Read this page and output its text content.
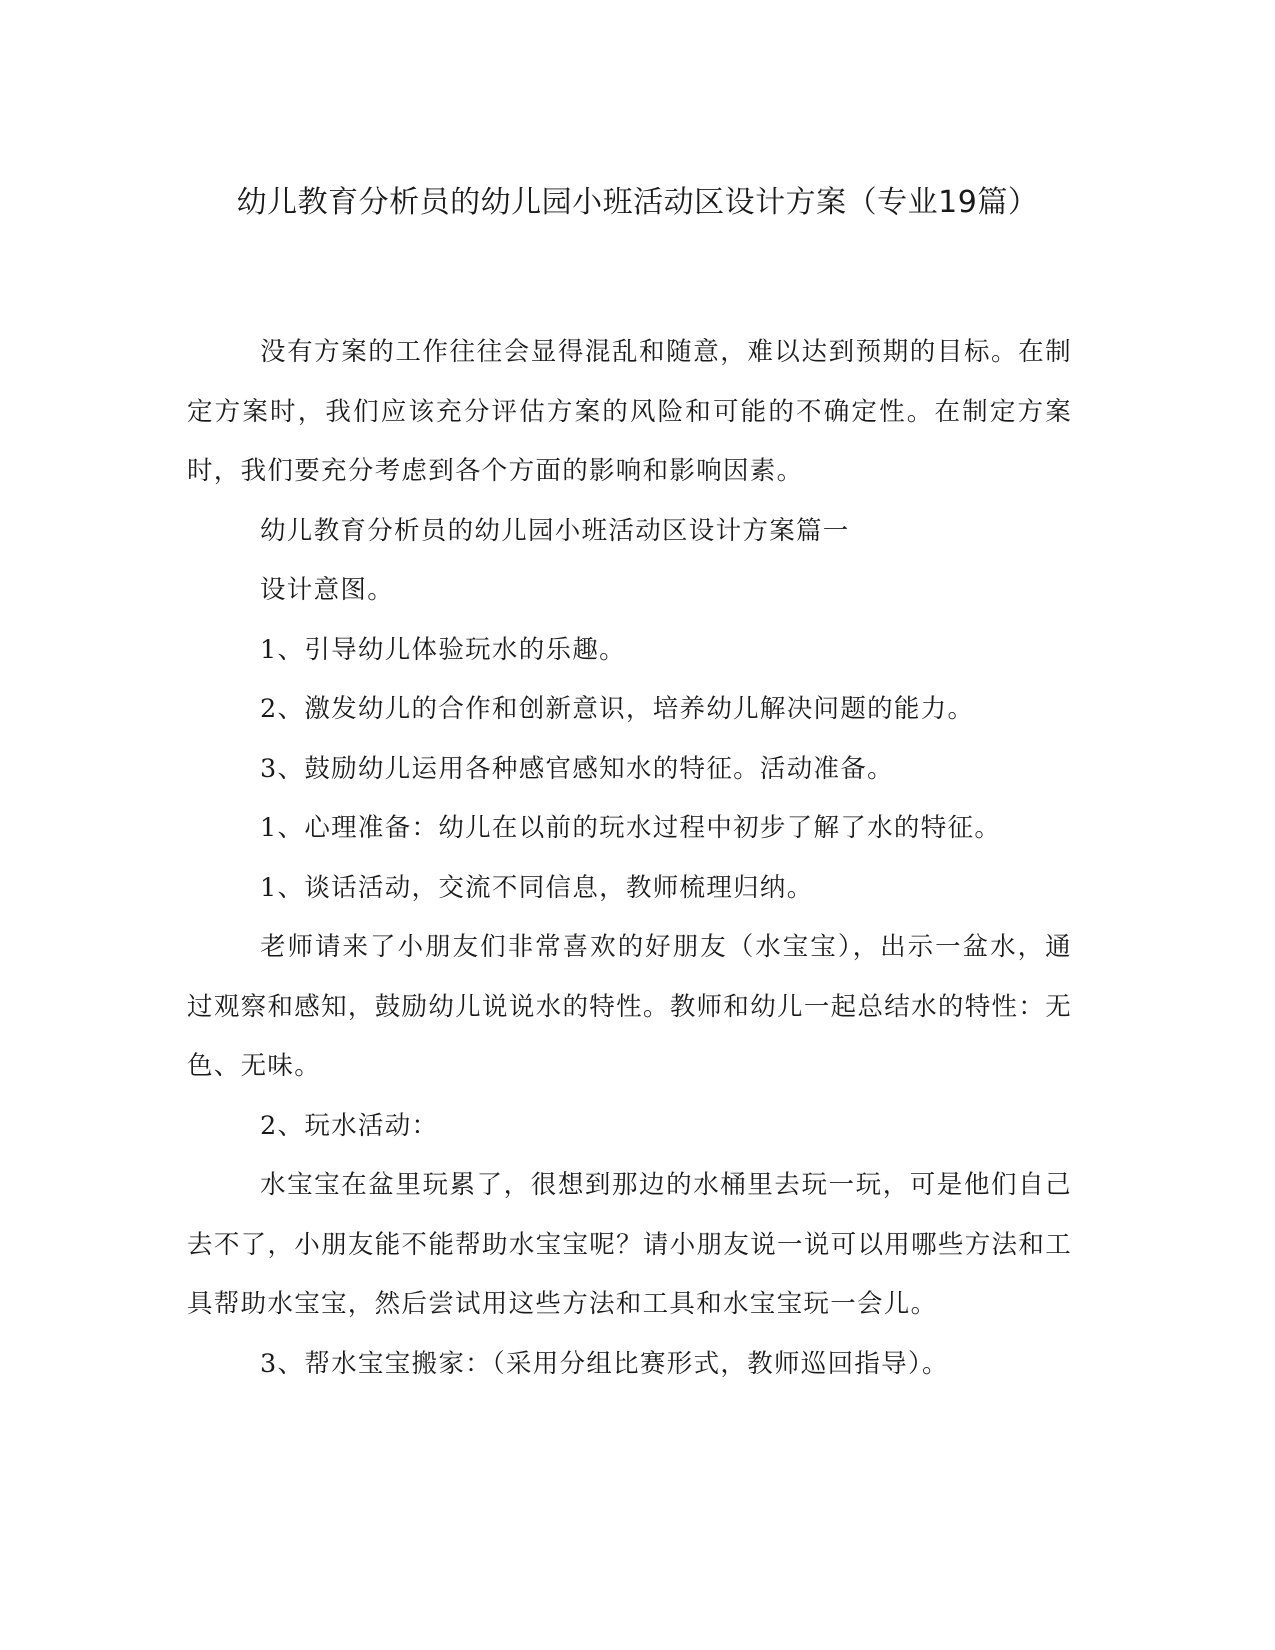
幼儿教育分析员的幼儿园小班活动区设计方案（专业19篇）

没有方案的工作往往会显得混乱和随意，难以达到预期的目标。在制定方案时，我们应该充分评估方案的风险和可能的不确定性。在制定方案时，我们要充分考虑到各个方面的影响和影响因素。

幼儿教育分析员的幼儿园小班活动区设计方案篇一

设计意图。

1、引导幼儿体验玩水的乐趣。

2、激发幼儿的合作和创新意识，培养幼儿解决问题的能力。

3、鼓励幼儿运用各种感官感知水的特征。活动准备。

1、心理准备：幼儿在以前的玩水过程中初步了解了水的特征。

1、谈话活动，交流不同信息，教师梳理归纳。

老师请来了小朋友们非常喜欢的好朋友（水宝宝），出示一盆水，通过观察和感知，鼓励幼儿说说水的特性。教师和幼儿一起总结水的特性：无色、无味。

2、玩水活动：

水宝宝在盆里玩累了，很想到那边的水桶里去玩一玩，可是他们自己去不了，小朋友能不能帮助水宝宝呢？请小朋友说一说可以用哪些方法和工具帮助水宝宝，然后尝试用这些方法和工具和水宝宝玩一会儿。

3、帮水宝宝搬家：（采用分组比赛形式，教师巡回指导）。
